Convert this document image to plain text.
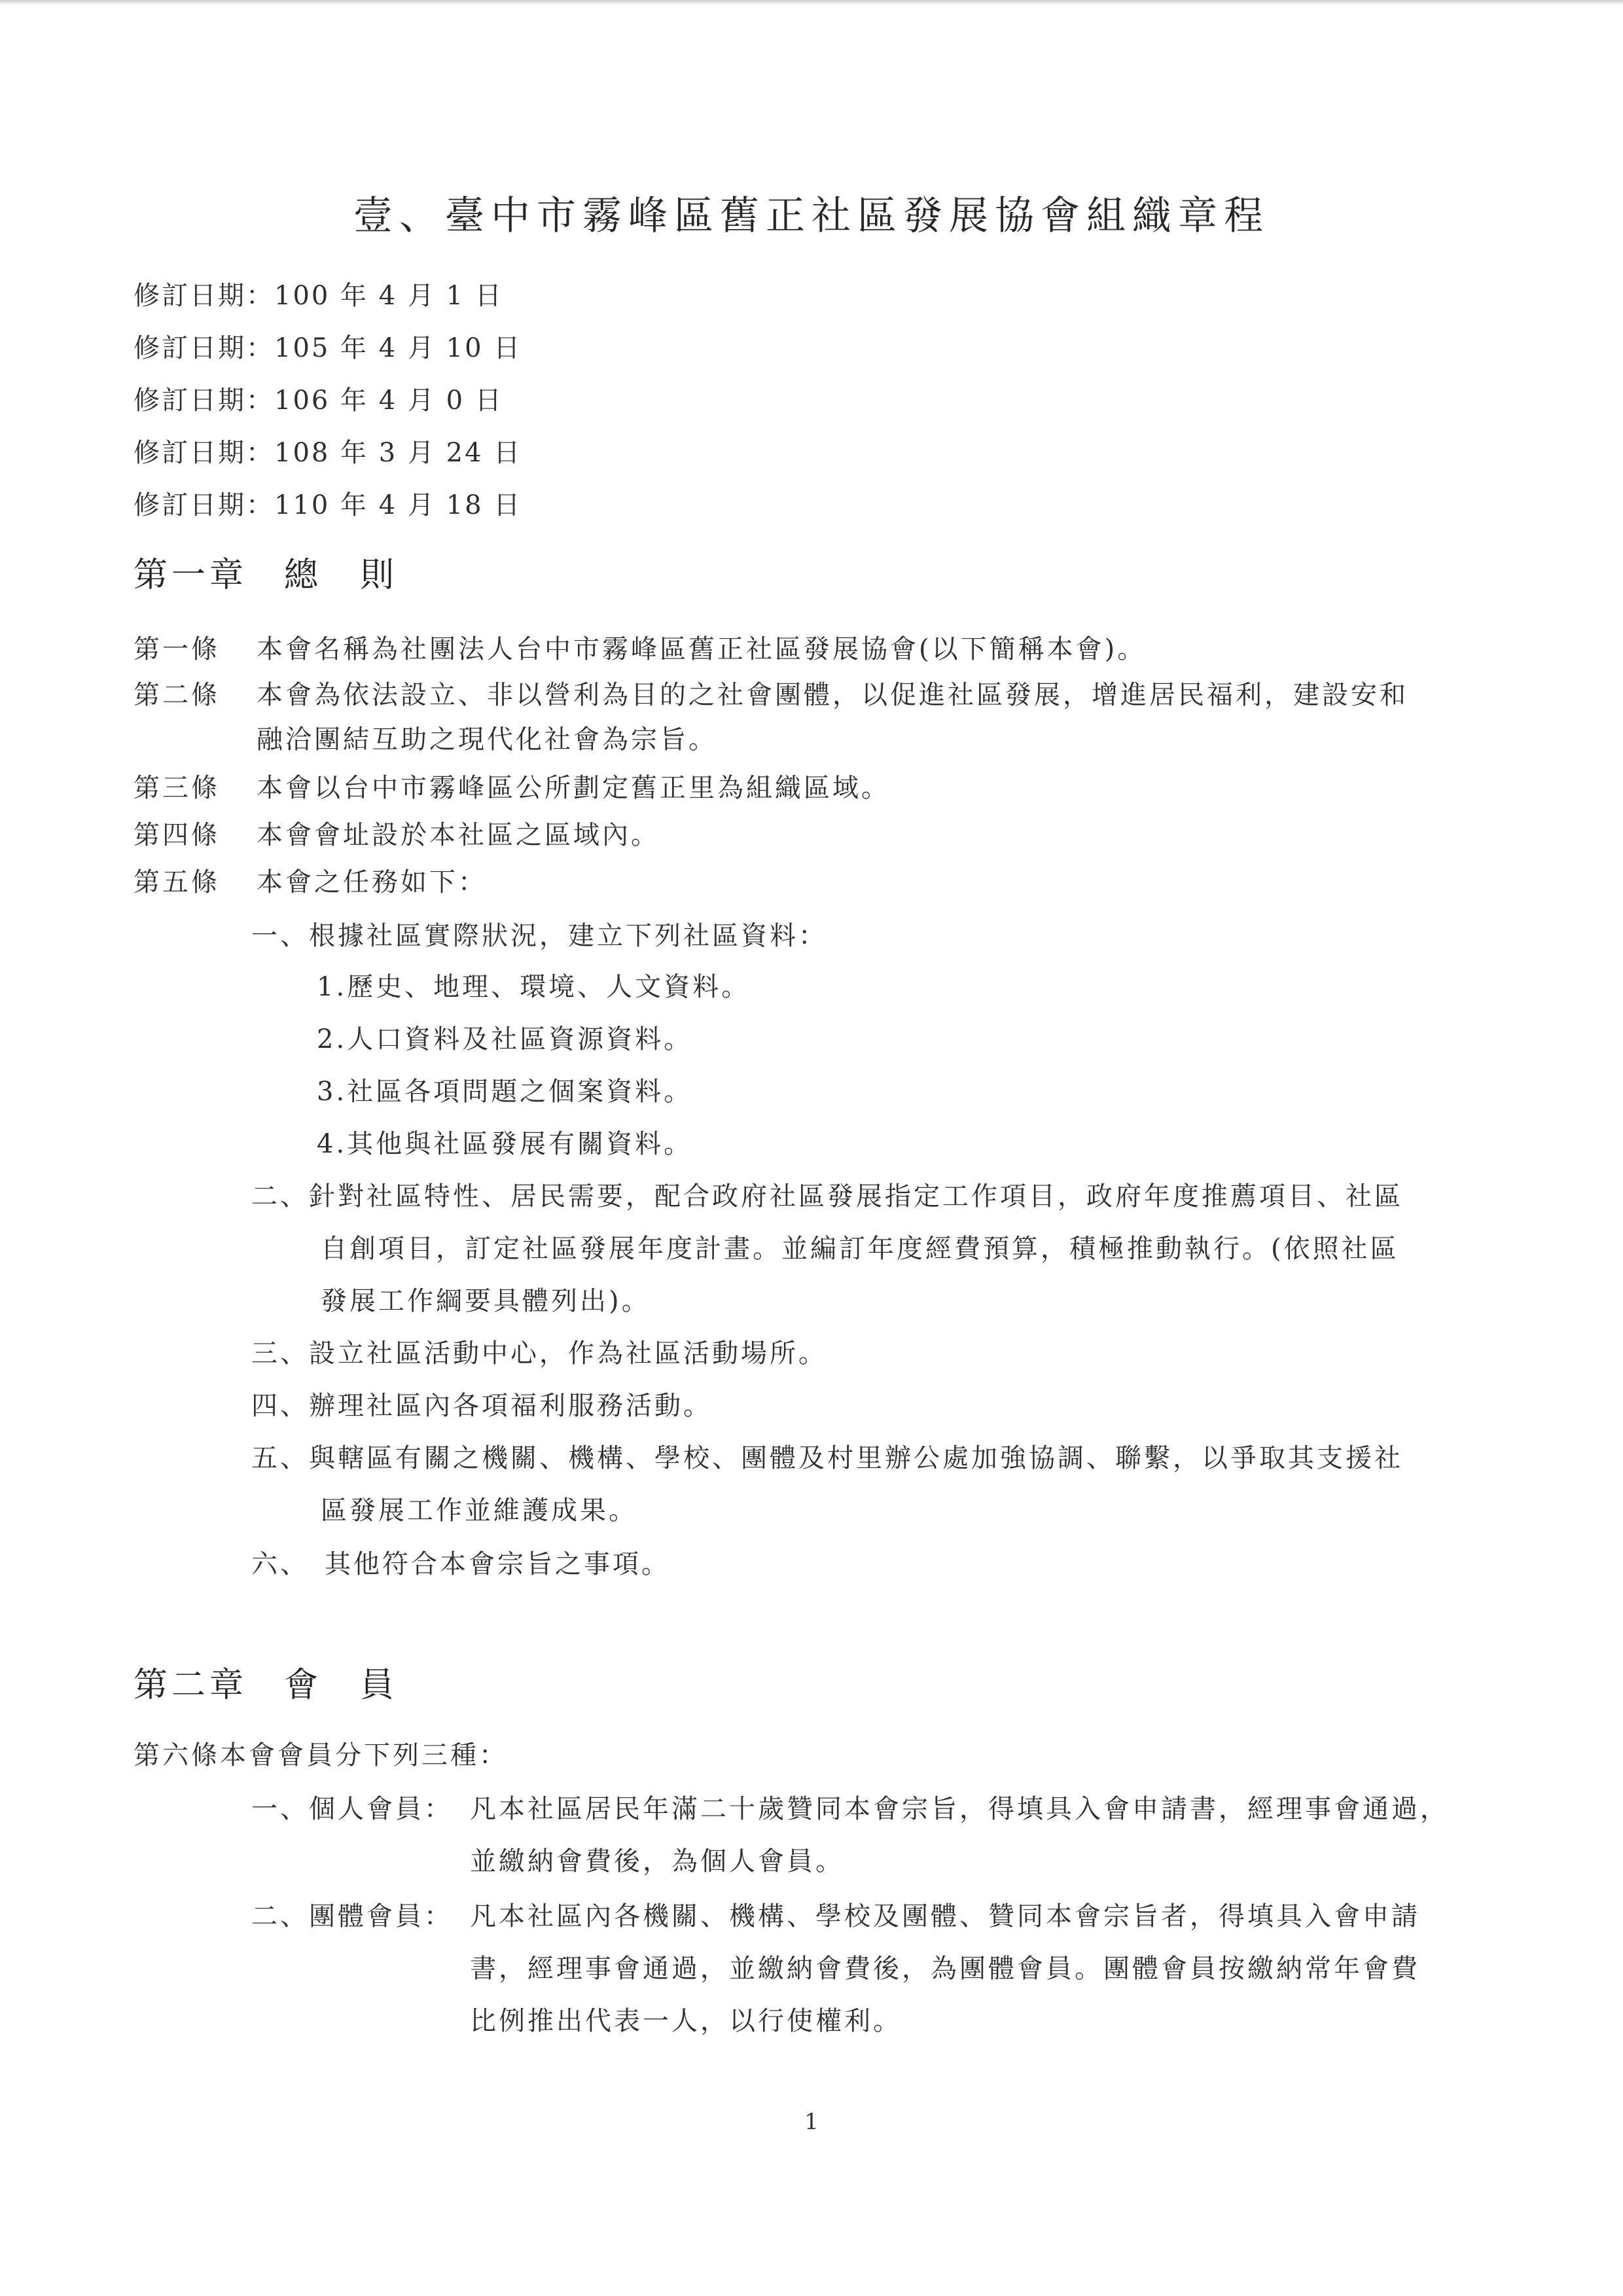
壹、臺中市霧峰區舊正社區發展協會組織章程
修訂日期：100 年 4 月 1 日
修訂日期：105 年 4 月 10 日
修訂日期：106 年 4 月 0 日
修訂日期：108 年 3 月 24 日
修訂日期：110 年 4 月 18 日
第一章 總　則
第一條 本會名稱為社團法人台中市霧峰區舊正社區發展協會(以下簡稱本會)。
第二條 本會為依法設立、非以營利為目的之社會團體，以促進社區發展，增進居民福利，建設安和
融洽團結互助之現代化社會為宗旨。
第三條 本會以台中市霧峰區公所劃定舊正里為組織區域。
第四條 本會會址設於本社區之區域內。
第五條 本會之任務如下：
一、根據社區實際狀況，建立下列社區資料：
1.歷史、地理、環境、人文資料。
2.人口資料及社區資源資料。
3.社區各項問題之個案資料。
4.其他與社區發展有關資料。
二、針對社區特性、居民需要，配合政府社區發展指定工作項目，政府年度推薦項目、社區
自創項目，訂定社區發展年度計畫。並編訂年度經費預算，積極推動執行。(依照社區
發展工作綱要具體列出)。
三、設立社區活動中心，作為社區活動場所。
四、辦理社區內各項福利服務活動。
五、與轄區有關之機關、機構、學校、團體及村里辦公處加強協調、聯繫，以爭取其支援社
區發展工作並維護成果。
六、　其他符合本會宗旨之事項。
第二章 會　員
第六條本會會員分下列三種：
一、個人會員： 凡本社區居民年滿二十歲贊同本會宗旨，得填具入會申請書，經理事會通過，
並繳納會費後，為個人會員。
二、團體會員： 凡本社區內各機關、機構、學校及團體、贊同本會宗旨者，得填具入會申請
書，經理事會通過，並繳納會費後，為團體會員。團體會員按繳納常年會費
比例推出代表一人，以行使權利。
1
